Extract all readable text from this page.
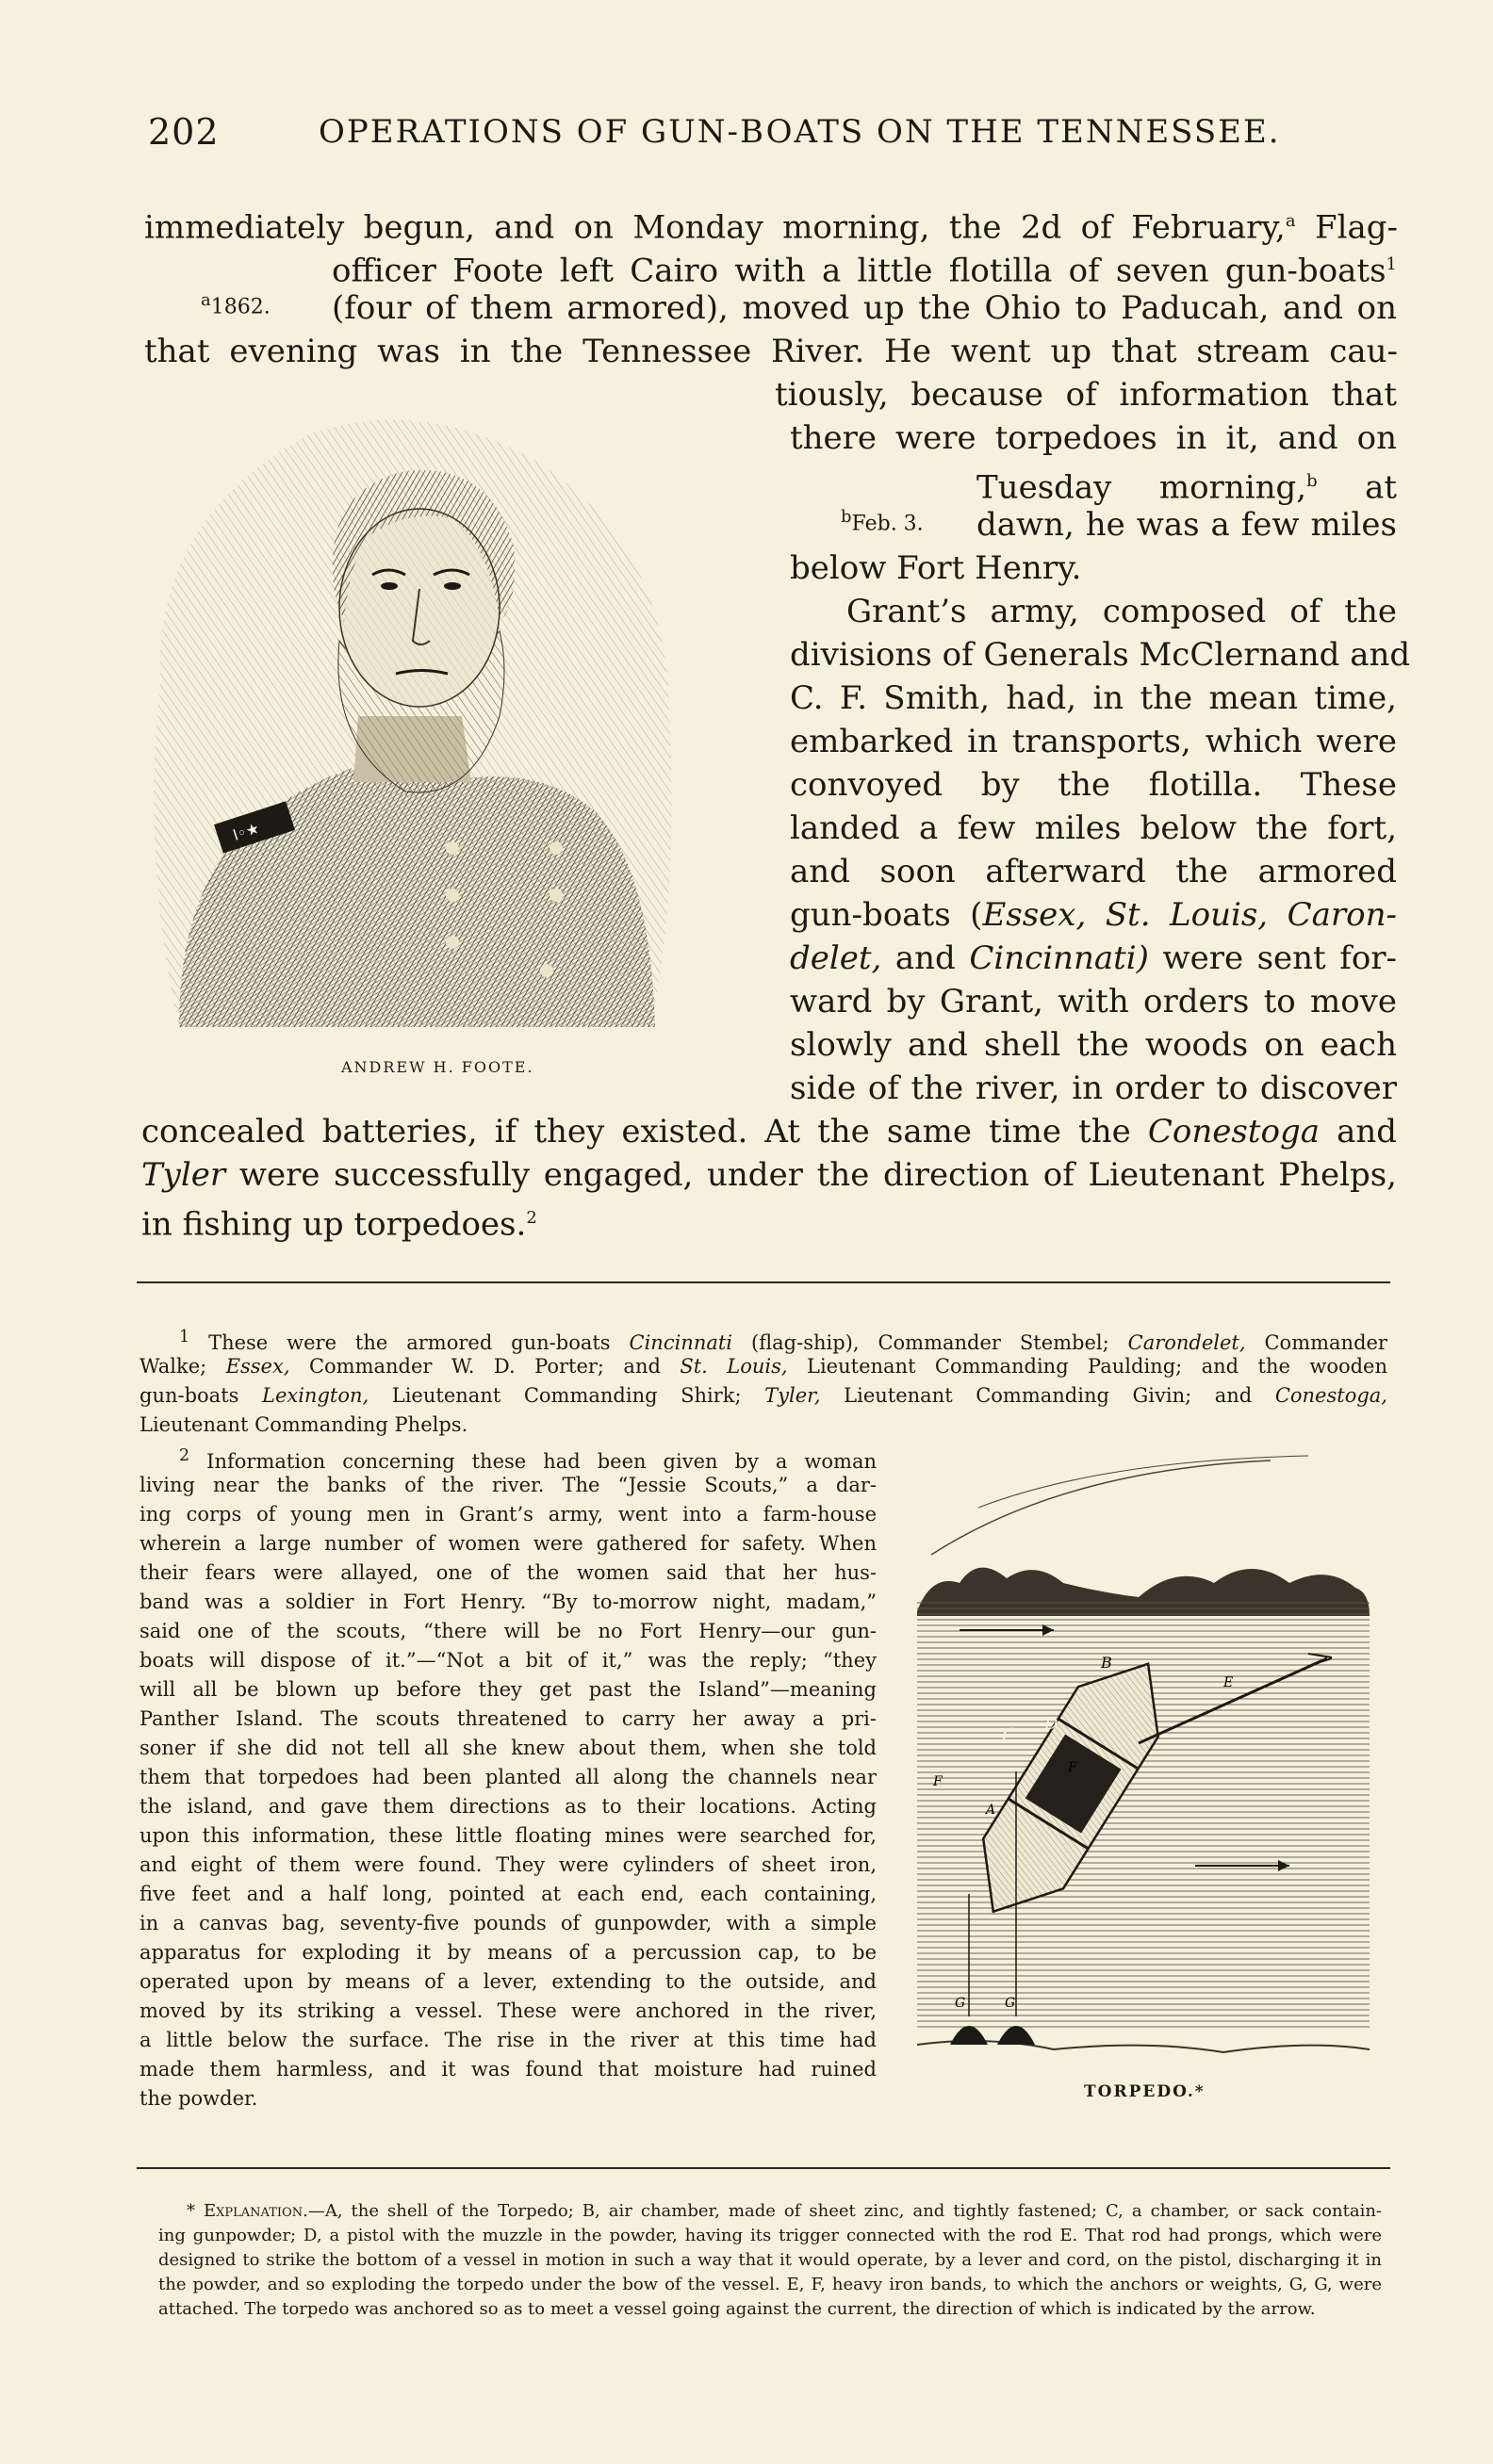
202	OPERATIONS OF GUN-BOATS ON THE TENNESSEE.
immediately begun, and on Monday morning, the 2d of February,$^a$ Flag-
officer Foote left Cairo with a little flotilla of seven gun-boats$^1$
$^a$1862. (four of them armored), moved up the Ohio to Paducah, and on
that evening was in the Tennessee River. He went up that stream cau-
tiously, because of information that
there were torpedoes in it, and on
Tuesday morning,$^b$ at
$^b$Feb. 3. dawn, he was a few miles
below Fort Henry.
Grant’s army, composed of the
divisions of Generals McClernand and
C. F. Smith, had, in the mean time,
embarked in transports, which were
convoyed by the flotilla. These
landed a few miles below the fort,
and soon afterward the armored
gun-boats (Essex, St. Louis, Caron-
delet, and Cincinnati) were sent for-
ward by Grant, with orders to move
slowly and shell the woods on each
side of the river, in order to discover
concealed batteries, if they existed. At the same time the Conestoga and
Tyler were successfully engaged, under the direction of Lieutenant Phelps,
in fishing up torpedoes.$^2$
I◦★
ANDREW H. FOOTE.
$^1$ These were the armored gun-boats Cincinnati (flag-ship), Commander Stembel; Carondelet, Commander
Walke; Essex, Commander W. D. Porter; and St. Louis, Lieutenant Commanding Paulding; and the wooden
gun-boats Lexington, Lieutenant Commanding Shirk; Tyler, Lieutenant Commanding Givin; and Conestoga,
Lieutenant Commanding Phelps.
$^2$ Information concerning these had been given by a woman
living near the banks of the river. The “Jessie Scouts,” a dar-
ing corps of young men in Grant’s army, went into a farm-house
wherein a large number of women were gathered for safety. When
their fears were allayed, one of the women said that her hus-
band was a soldier in Fort Henry. “By to-morrow night, madam,”
said one of the scouts, “there will be no Fort Henry—our gun-
boats will dispose of it.”—“Not a bit of it,” was the reply; “they
will all be blown up before they get past the Island”—meaning
Panther Island. The scouts threatened to carry her away a pri-
soner if she did not tell all she knew about them, when she told
them that torpedoes had been planted all along the channels near
the island, and gave them directions as to their locations. Acting
upon this information, these little floating mines were searched for,
and eight of them were found. They were cylinders of sheet iron,
five feet and a half long, pointed at each end, each containing,
in a canvas bag, seventy-five pounds of gunpowder, with a simple
apparatus for exploding it by means of a percussion cap, to be
operated upon by means of a lever, extending to the outside, and
moved by its striking a vessel. These were anchored in the river,
a little below the surface. The rise in the river at this time had
made them harmless, and it was found that moisture had ruined
the powder.
B
D
C
A
F
F
E
G	G
TORPEDO.*
* Explanation.—A, the shell of the Torpedo; B, air chamber, made of sheet zinc, and tightly fastened; C, a chamber, or sack contain-
ing gunpowder; D, a pistol with the muzzle in the powder, having its trigger connected with the rod E. That rod had prongs, which were
designed to strike the bottom of a vessel in motion in such a way that it would operate, by a lever and cord, on the pistol, discharging it in
the powder, and so exploding the torpedo under the bow of the vessel. E, F, heavy iron bands, to which the anchors or weights, G, G, were
attached. The torpedo was anchored so as to meet a vessel going against the current, the direction of which is indicated by the arrow.
